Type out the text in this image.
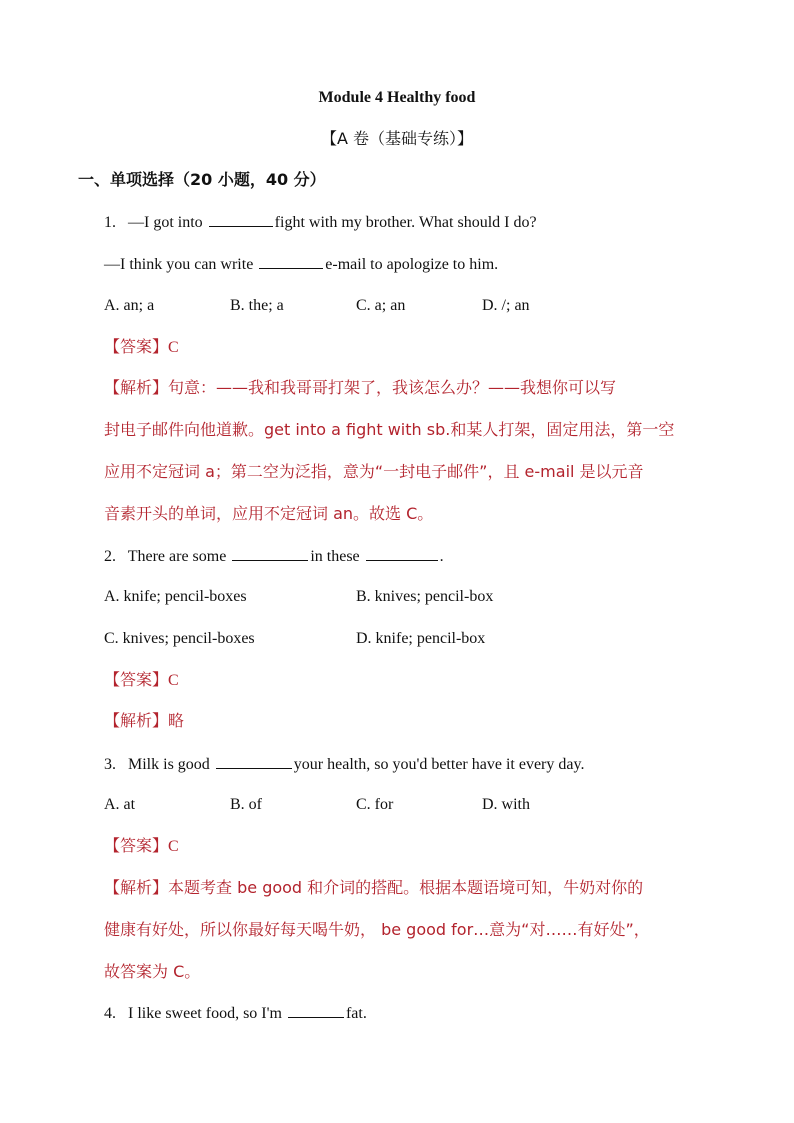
Module 4 Healthy food
【A 卷（基础专练）】
一、单项选择（20 小题，40 分）
1. —I got into	fight with my brother. What should I do?
—I think you can write	e-mail to apologize to him.
A. an; a	B. the; a	C. a; an	D. /; an
【答案】C
【解析】句意：——我和我哥哥打架了，我该怎么办？——我想你可以写
封电子邮件向他道歉。get into a fight with sb.和某人打架，固定用法，第一空
应用不定冠词 a；第二空为泛指，意为“一封电子邮件”，且 e-mail 是以元音
音素开头的单词，应用不定冠词 an。故选 C。
2. There are some	in these	.
A. knife; pencil-boxes	B. knives; pencil-box
C. knives; pencil-boxes	D. knife; pencil-box
【答案】C
【解析】略
3. Milk is good	your health, so you'd better have it every day.
A. at	B. of	C. for	D. with
【答案】C
【解析】本题考查 be good 和介词的搭配。根据本题语境可知，牛奶对你的
健康有好处，所以你最好每天喝牛奶， be good for…意为“对……有好处”，
故答案为 C。
4. I like sweet food, so I'm	fat.
